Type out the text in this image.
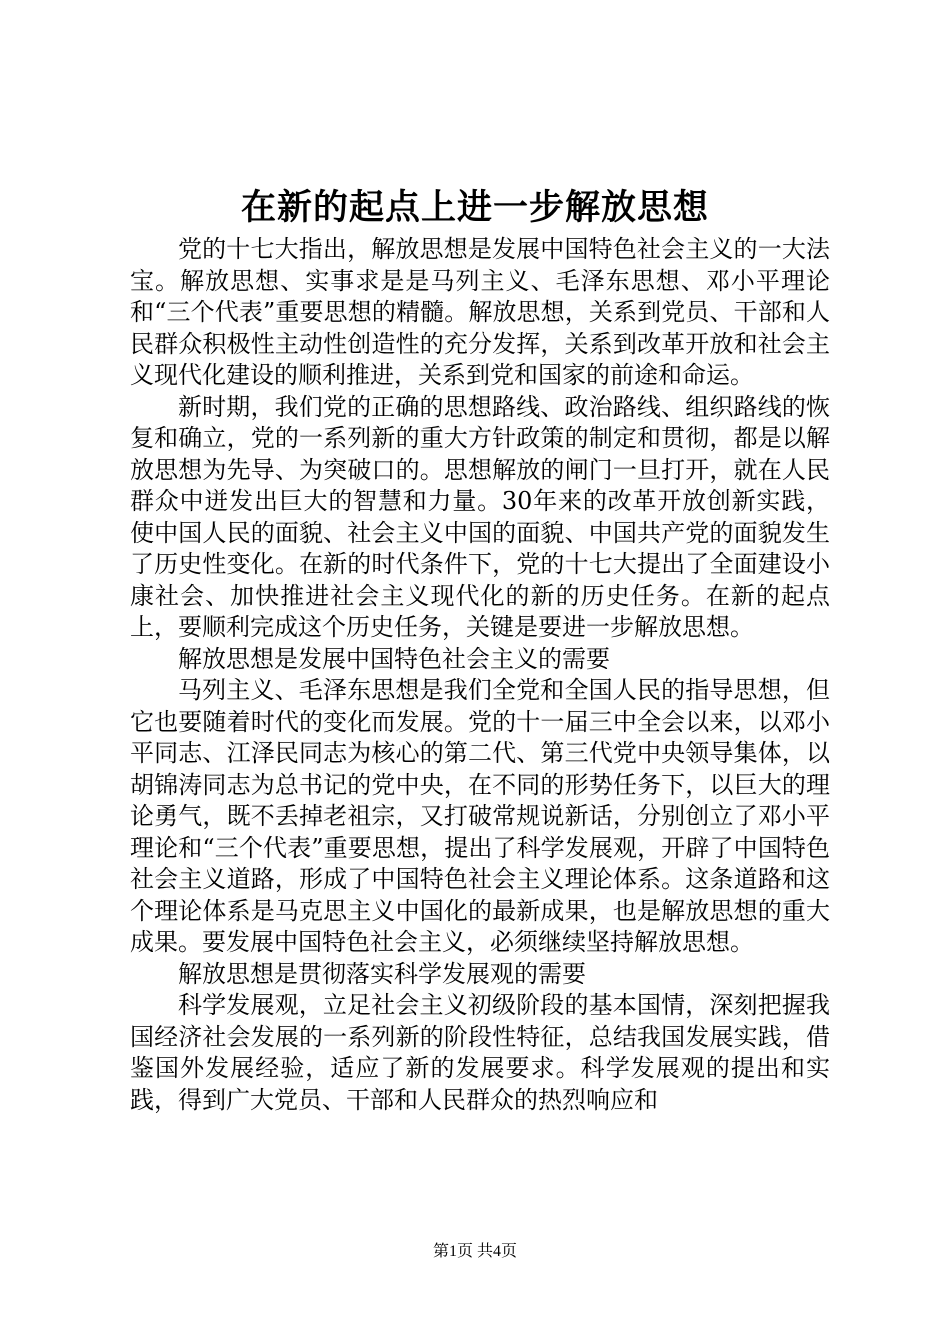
在新的起点上进一步解放思想

党的十七大指出，解放思想是发展中国特色社会主义的一大法宝。解放思想、实事求是是马列主义、毛泽东思想、邓小平理论和“三个代表”重要思想的精髓。解放思想，关系到党员、干部和人民群众积极性主动性创造性的充分发挥，关系到改革开放和社会主义现代化建设的顺利推进，关系到党和国家的前途和命运。

新时期，我们党的正确的思想路线、政治路线、组织路线的恢复和确立，党的一系列新的重大方针政策的制定和贯彻，都是以解放思想为先导、为突破口的。思想解放的闸门一旦打开，就在人民群众中迸发出巨大的智慧和力量。30年来的改革开放创新实践，使中国人民的面貌、社会主义中国的面貌、中国共产党的面貌发生了历史性变化。在新的时代条件下，党的十七大提出了全面建设小康社会、加快推进社会主义现代化的新的历史任务。在新的起点上，要顺利完成这个历史任务，关键是要进一步解放思想。

解放思想是发展中国特色社会主义的需要

马列主义、毛泽东思想是我们全党和全国人民的指导思想，但它也要随着时代的变化而发展。党的十一届三中全会以来，以邓小平同志、江泽民同志为核心的第二代、第三代党中央领导集体，以胡锦涛同志为总书记的党中央，在不同的形势任务下，以巨大的理论勇气，既不丢掉老祖宗，又打破常规说新话，分别创立了邓小平理论和“三个代表”重要思想，提出了科学发展观，开辟了中国特色社会主义道路，形成了中国特色社会主义理论体系。这条道路和这个理论体系是马克思主义中国化的最新成果，也是解放思想的重大成果。要发展中国特色社会主义，必须继续坚持解放思想。

解放思想是贯彻落实科学发展观的需要

科学发展观，立足社会主义初级阶段的基本国情，深刻把握我国经济社会发展的一系列新的阶段性特征，总结我国发展实践，借鉴国外发展经验，适应了新的发展要求。科学发展观的提出和实践，得到广大党员、干部和人民群众的热烈响应和

第1页 共4页
